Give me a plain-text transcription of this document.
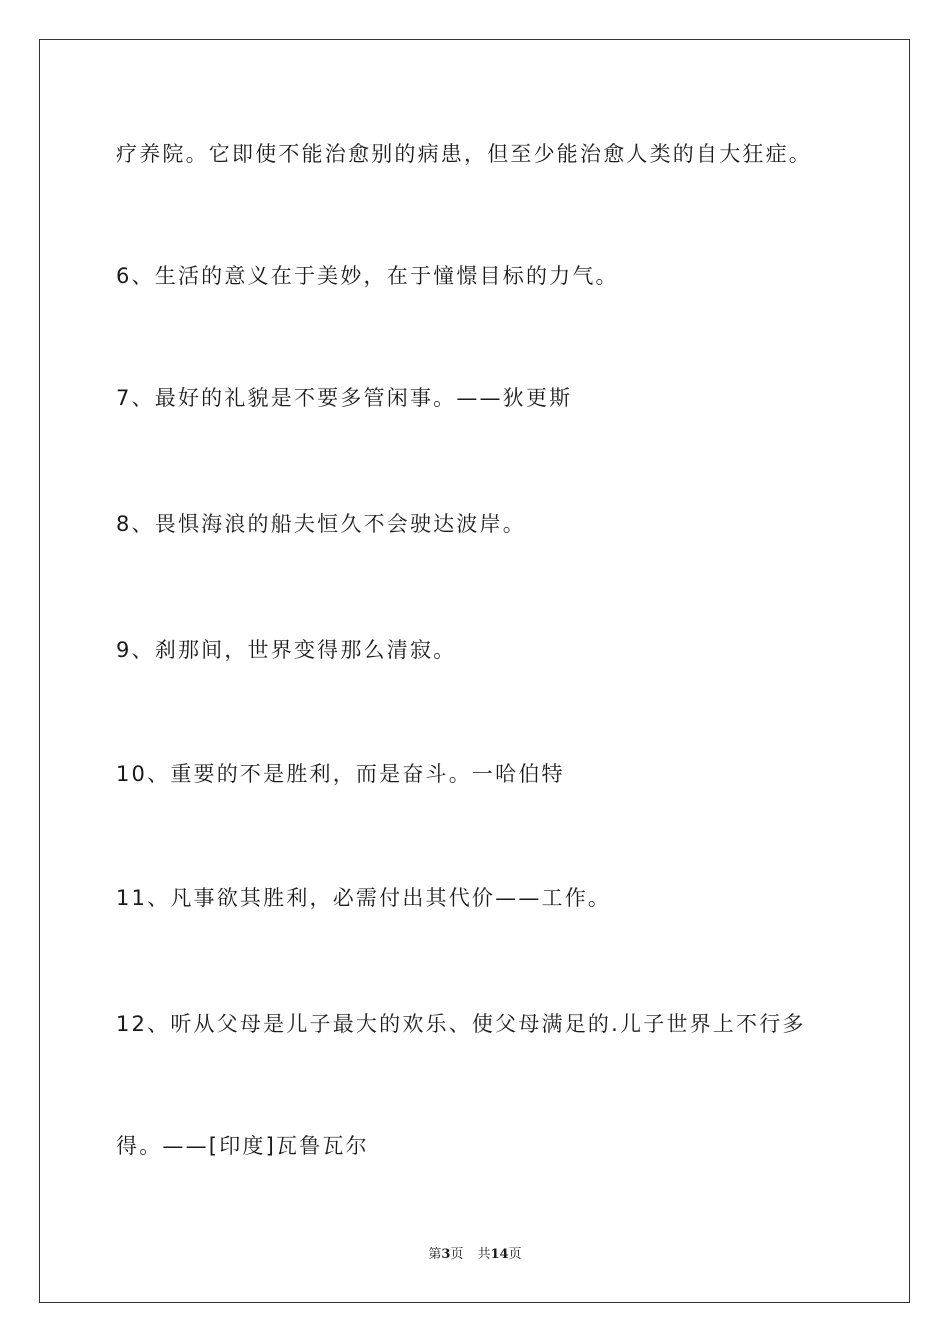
疗养院。它即使不能治愈别的病患，但至少能治愈人类的自大狂症。
6、生活的意义在于美妙，在于憧憬目标的力气。
7、最好的礼貌是不要多管闲事。——狄更斯
8、畏惧海浪的船夫恒久不会驶达波岸。
9、刹那间，世界变得那么清寂。
10、重要的不是胜利，而是奋斗。一哈伯特
11、凡事欲其胜利，必需付出其代价——工作。
12、听从父母是儿子最大的欢乐、使父母满足的.儿子世界上不行多
得。——[印度]瓦鲁瓦尔
第3页 共14页
